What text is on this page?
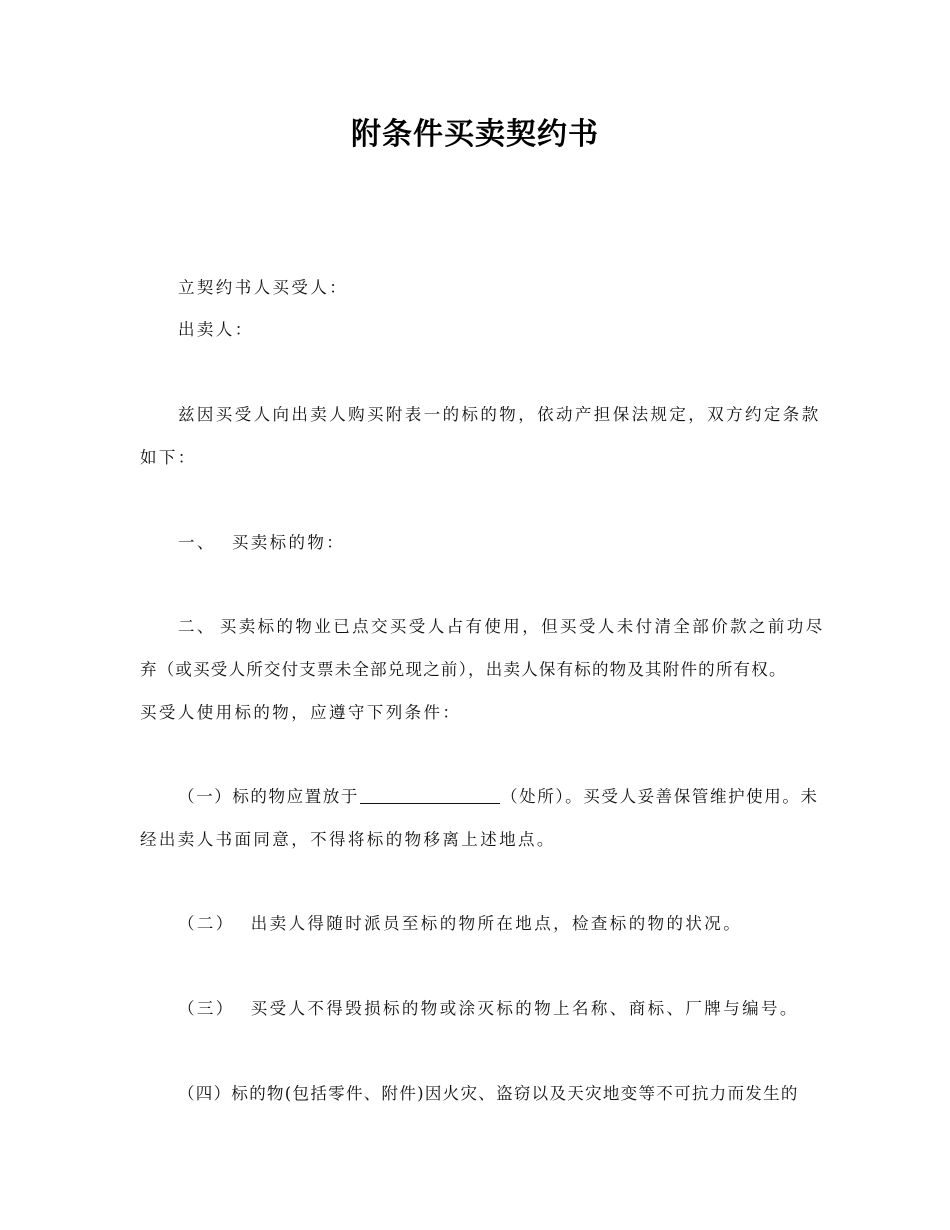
附条件买卖契约书
立契约书人买受人：
出卖人：
兹因买受人向出卖人购买附表一的标的物，依动产担保法规定，双方约定条款
如下：
一、 买卖标的物：
二、 买卖标的物业已点交买受人占有使用，但买受人未付清全部价款之前功尽
弃（或买受人所交付支票未全部兑现之前），出卖人保有标的物及其附件的所有权。
买受人使用标的物，应遵守下列条件：
（一）标的物应置放于	（处所）。买受人妥善保管维护使用。未
经出卖人书面同意，不得将标的物移离上述地点。
（二） 出卖人得随时派员至标的物所在地点，检查标的物的状况。
（三） 买受人不得毁损标的物或涂灭标的物上名称、商标、厂牌与编号。
（四）标的物(包括零件、附件)因火灾、盗窃以及天灾地变等不可抗力而发生的
